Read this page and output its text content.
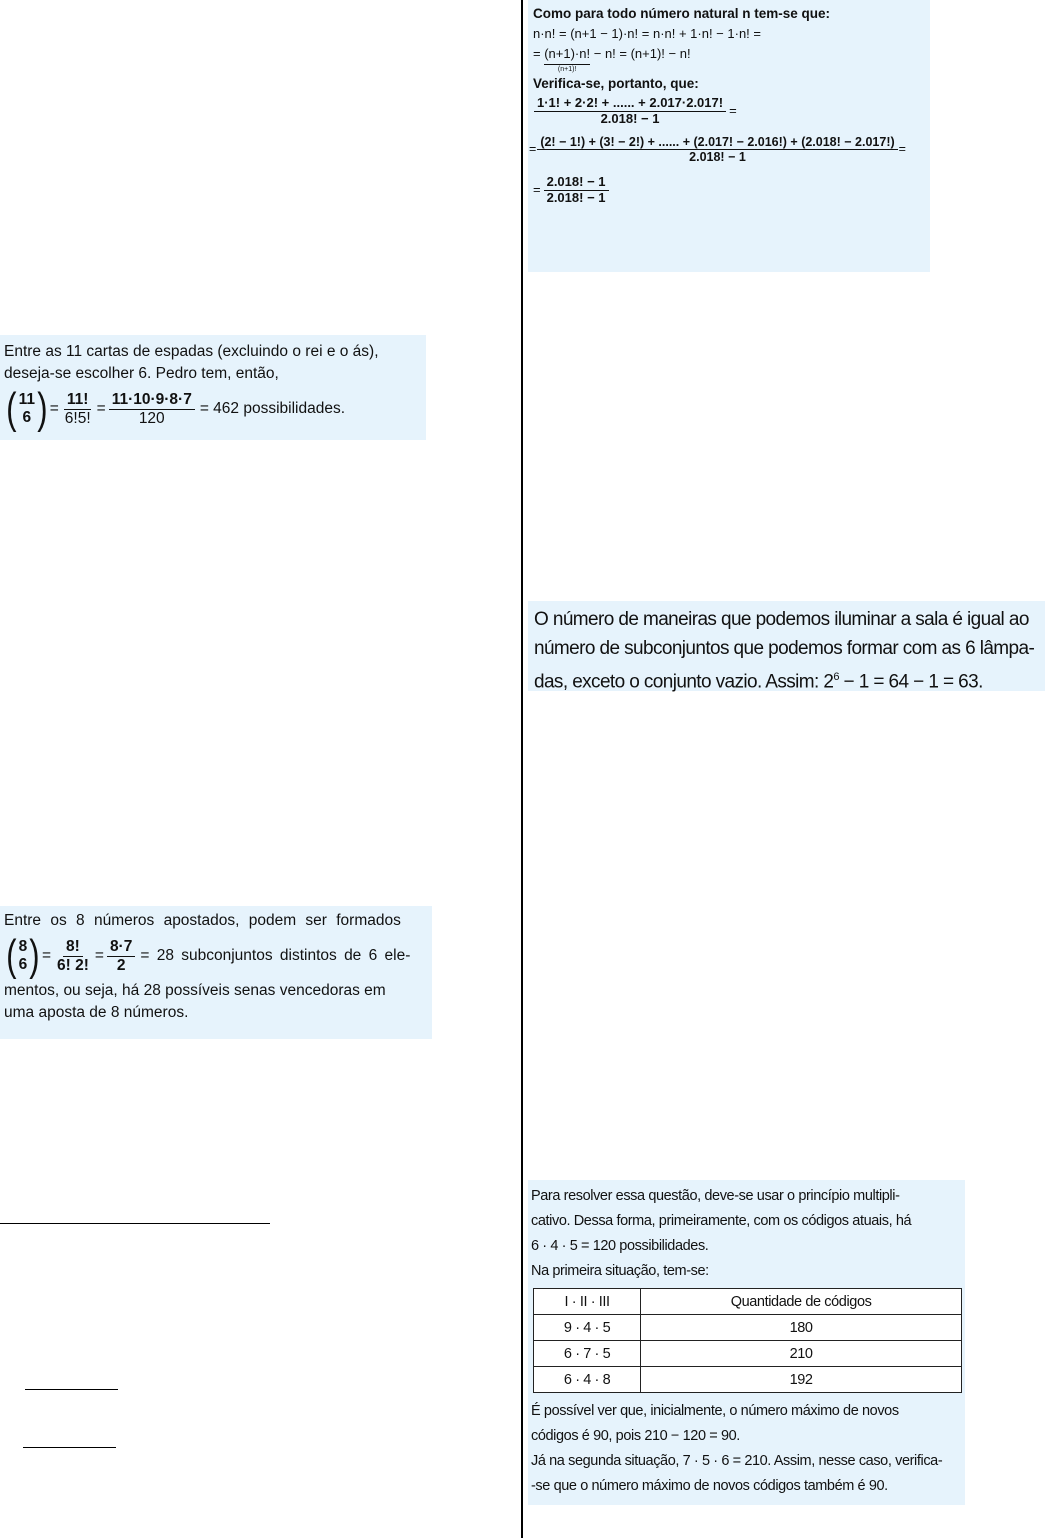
Como para todo número natural n tem-se que:
n·n! = (n+1 − 1)·n! = n·n! + 1·n! − 1·n! =
= (n+1)·n!
(n+1)!
− n! = (n+1)! − n!
Verifica-se, portanto, que:
$\frac{1\cdot 1! + 2\cdot 2! + ...... + 2.017\cdot 2.017!}{2.018! - 1}$ =
=
(2! − 1!) + (3! − 2!) + ...... + (2.017! − 2.016!) + (2.018! − 2.017!)
2.018! − 1
=
= $\frac{2.018! - 1}{2.018! - 1}$
Entre as 11 cartas de espadas (excluindo o rei e o ás),
deseja-se escolher 6. Pedro tem, então,
( 11
6 ) = $\frac{11!}{6!5!} = \frac{11\cdot 10\cdot 9\cdot 8\cdot 7}{120} = 462$ possibilidades.
O número de maneiras que podemos iluminar a sala é igual ao
número de subconjuntos que podemos formar com as 6 lâmpa-
das, exceto o conjunto vazio. Assim: $2^6 - 1 = 64 - 1 = 63$.
Entre os 8 números apostados, podem ser formados
( 8
6 ) = $\frac{8!}{6! 2!} = \frac{8\cdot 7}{2} = 28$ subconjuntos distintos de 6 ele-
mentos, ou seja, há 28 possíveis senas vencedoras em
uma aposta de 8 números.
Para resolver essa questão, deve-se usar o princípio multipli-
cativo. Dessa forma, primeiramente, com os códigos atuais, há
6 · 4 · 5 = 120 possibilidades.
Na primeira situação, tem-se:
I · II · III	Quantidade de códigos
9 · 4 · 5	180
6 · 7 · 5	210
6 · 4 · 8	192
É possível ver que, inicialmente, o número máximo de novos
códigos é 90, pois 210 − 120 = 90.
Já na segunda situação, 7 · 5 · 6 = 210. Assim, nesse caso, verifica-
-se que o número máximo de novos códigos também é 90.
